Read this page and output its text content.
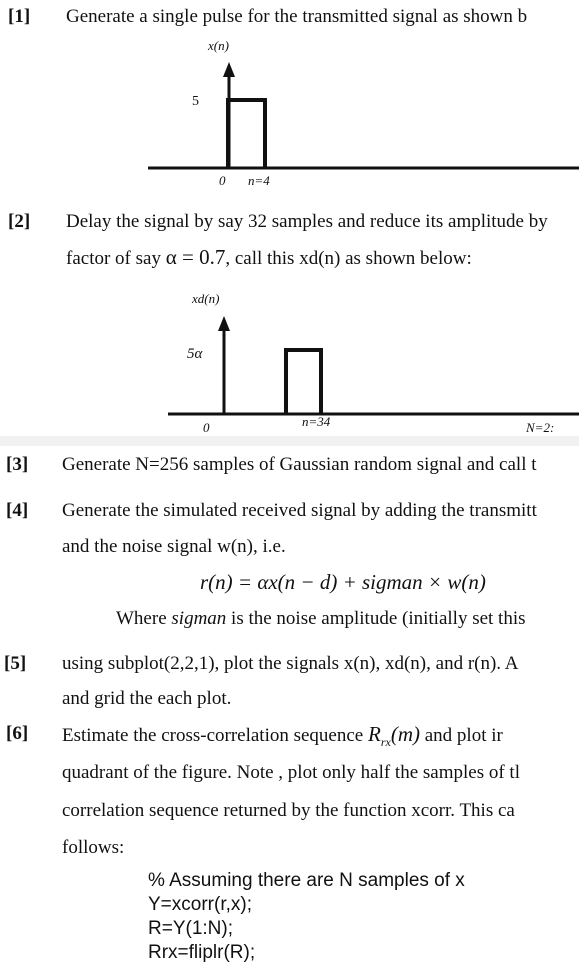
[1] Generate a single pulse for the transmitted signal as shown b
x(n)
5
0 n=4
[2] Delay the signal by say 32 samples and reduce its amplitude by
factor of say α = 0.7, call this xd(n) as shown below:
xd(n)
5α
0	n=34	N=2:
[3] Generate N=256 samples of Gaussian random signal and call t
[4] Generate the simulated received signal by adding the transmitt
and the noise signal w(n), i.e.
r(n) = αx(n − d) + sigman × w(n)
Where sigman is the noise amplitude (initially set this
[5] using subplot(2,2,1), plot the signals x(n), xd(n), and r(n). A
and grid the each plot.
[6] Estimate the cross-correlation sequence $R_{rx}(m)$ and plot ir
quadrant of the figure. Note , plot only half the samples of tl
correlation sequence returned by the function xcorr. This ca
follows:
% Assuming there are N samples of x
Y=xcorr(r,x);
R=Y(1:N);
Rrx=fliplr(R);
